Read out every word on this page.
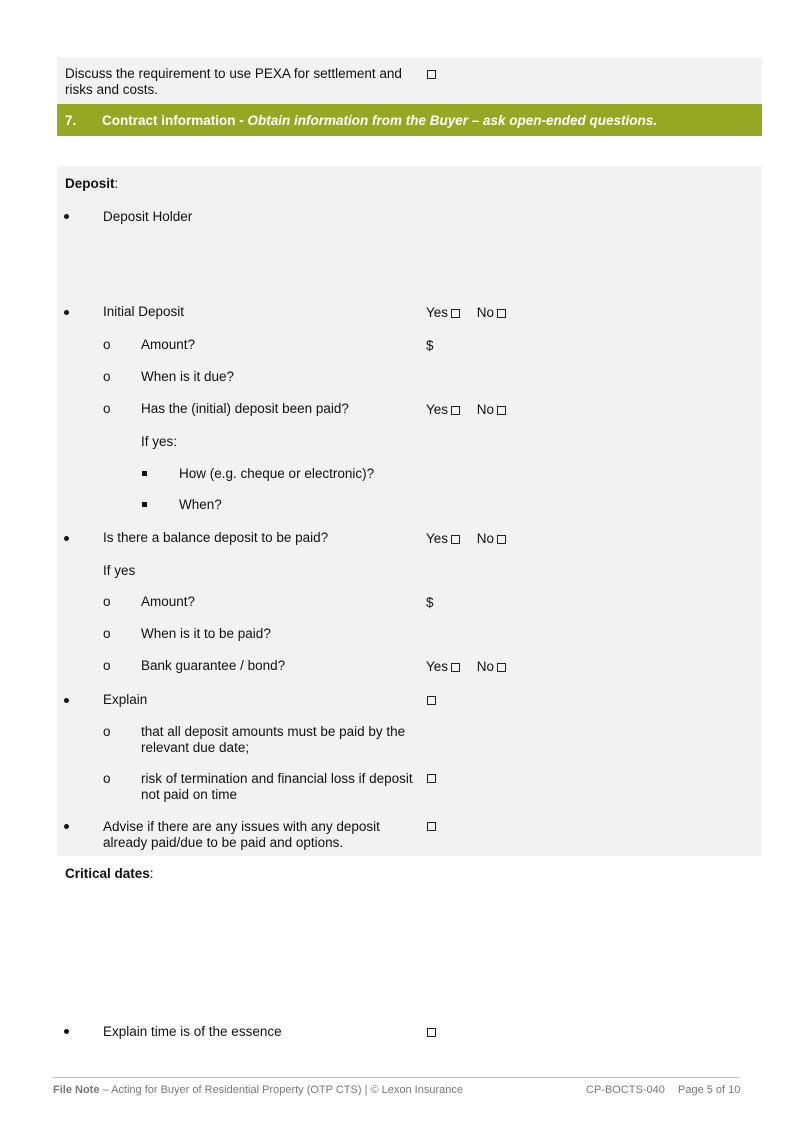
Discuss the requirement to use PEXA for settlement and risks and costs.
7. Contract information - Obtain information from the Buyer – ask open-ended questions.
Deposit:
Deposit Holder
Initial Deposit	Yes No
o Amount?	$
o When is it due?
o Has the (initial) deposit been paid?	Yes No
If yes:
How (e.g. cheque or electronic)?
When?
Is there a balance deposit to be paid?	Yes No
If yes
o Amount?	$
o When is it to be paid?
o Bank guarantee / bond?	Yes No
Explain
o that all deposit amounts must be paid by the relevant due date;
o risk of termination and financial loss if deposit not paid on time
Advise if there are any issues with any deposit already paid/due to be paid and options.
Critical dates:
Explain time is of the essence
File Note – Acting for Buyer of Residential Property (OTP CTS) | © Lexon Insurance	CP-BOCTS-040 Page 5 of 10
